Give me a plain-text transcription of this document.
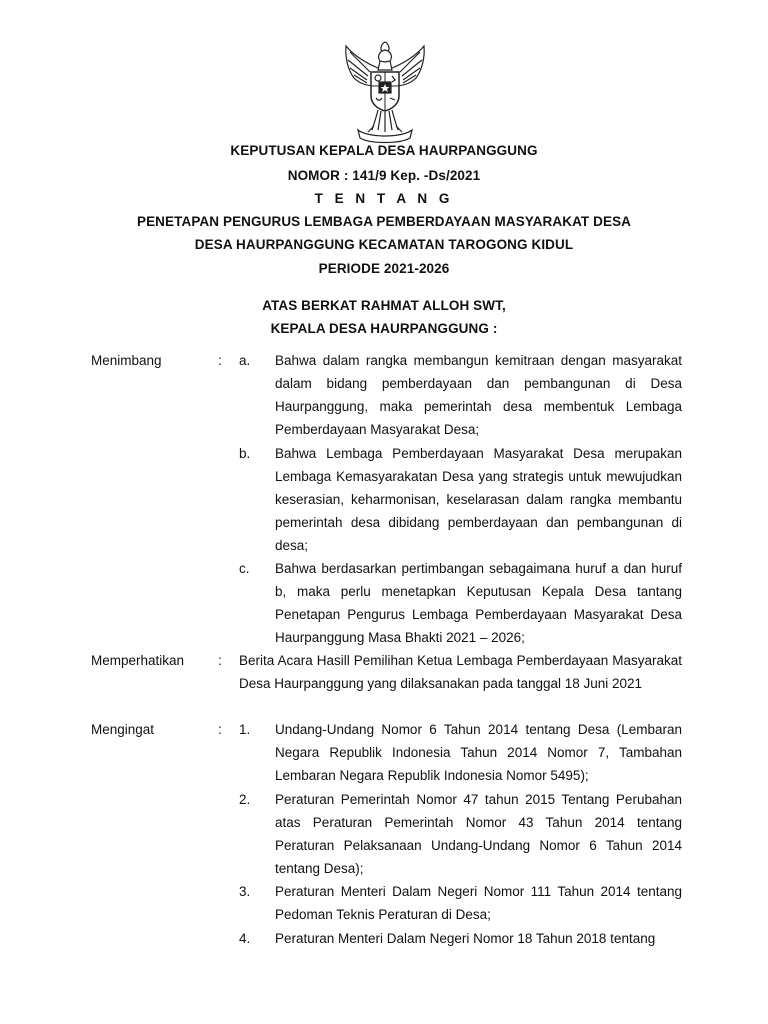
KEPUTUSAN KEPALA DESA HAURPANGGUNG
NOMOR : 141/9 Kep. -Ds/2021
T E N T A N G
PENETAPAN PENGURUS LEMBAGA PEMBERDAYAAN MASYARAKAT DESA
DESA HAURPANGGUNG KECAMATAN TAROGONG KIDUL
PERIODE 2021-2026
ATAS BERKAT RAHMAT ALLOH SWT,
KEPALA DESA HAURPANGGUNG :
Menimbang	: a. Bahwa dalam rangka membangun kemitraan dengan masyarakat dalam bidang pemberdayaan dan pembangunan di Desa Haurpanggung, maka pemerintah desa membentuk Lembaga Pemberdayaan Masyarakat Desa;

b. Bahwa Lembaga Pemberdayaan Masyarakat Desa merupakan Lembaga Kemasyarakatan Desa yang strategis untuk mewujudkan keserasian, keharmonisan, keselarasan dalam rangka membantu pemerintah desa dibidang pemberdayaan dan pembangunan di desa;

c. Bahwa berdasarkan pertimbangan sebagaimana huruf a dan huruf b, maka perlu menetapkan Keputusan Kepala Desa tantang Penetapan Pengurus Lembaga Pemberdayaan Masyarakat Desa Haurpanggung Masa Bhakti 2021 – 2026;

Memperhatikan	: Berita Acara Hasill Pemilihan Ketua Lembaga Pemberdayaan Masyarakat Desa Haurpanggung yang dilaksanakan pada tanggal 18 Juni 2021

Mengingat	: 1. Undang-Undang Nomor 6 Tahun 2014 tentang Desa (Lembaran Negara Republik Indonesia Tahun 2014 Nomor 7, Tambahan Lembaran Negara Republik Indonesia Nomor 5495);

2. Peraturan Pemerintah Nomor 47 tahun 2015 Tentang Perubahan atas Peraturan Pemerintah Nomor 43 Tahun 2014 tentang Peraturan Pelaksanaan Undang-Undang Nomor 6 Tahun 2014 tentang Desa);

3. Peraturan Menteri Dalam Negeri Nomor 111 Tahun 2014 tentang Pedoman Teknis Peraturan di Desa;

4. Peraturan Menteri Dalam Negeri Nomor 18 Tahun 2018 tentang
